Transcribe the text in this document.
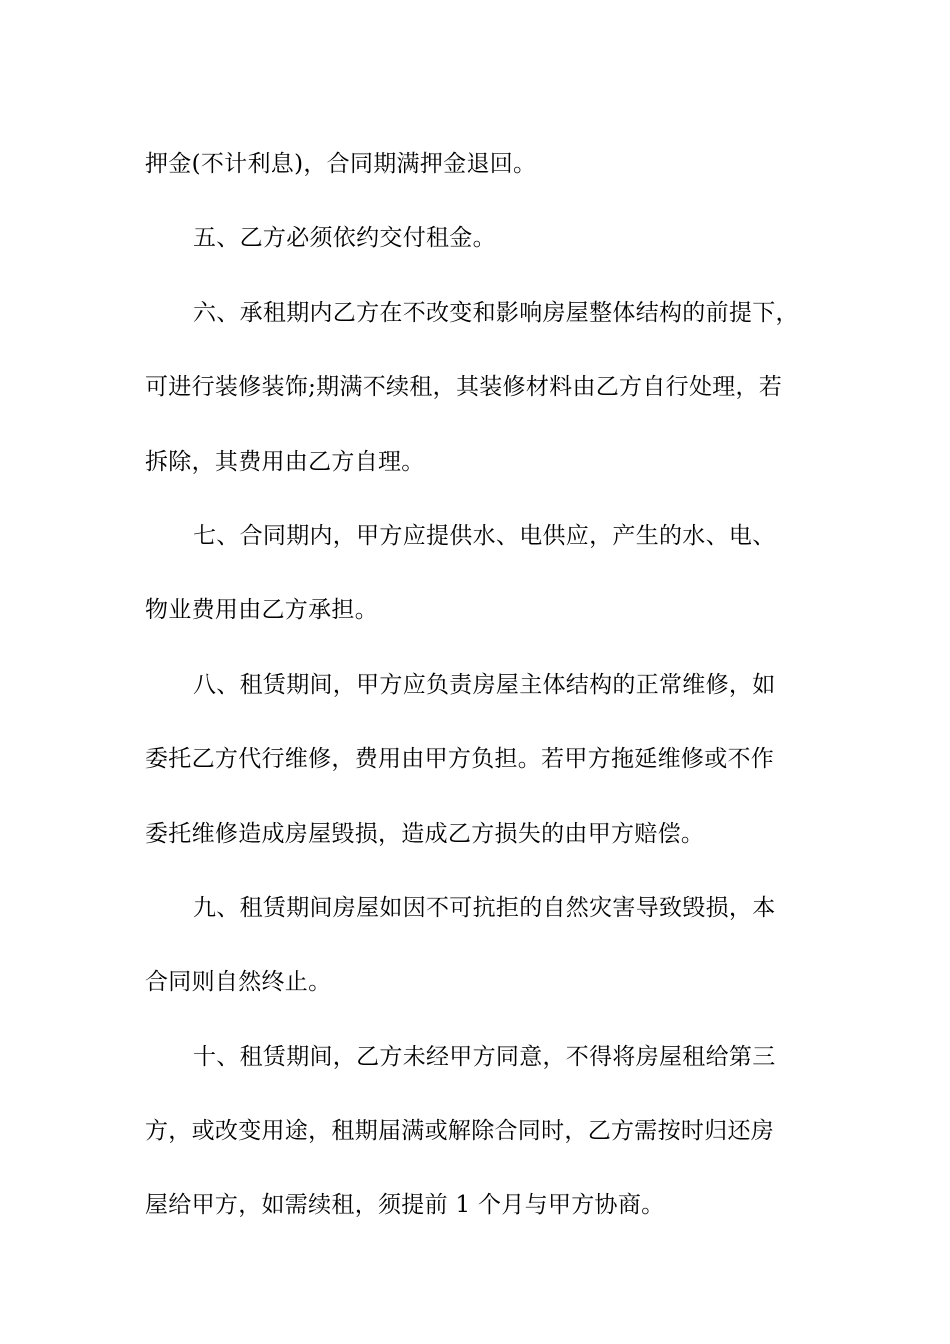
押金(不计利息)，合同期满押金退回。
五、乙方必须依约交付租金。
六、承租期内乙方在不改变和影响房屋整体结构的前提下，
可进行装修装饰;期满不续租，其装修材料由乙方自行处理，若
拆除，其费用由乙方自理。
七、合同期内，甲方应提供水、电供应，产生的水、电、
物业费用由乙方承担。
八、租赁期间，甲方应负责房屋主体结构的正常维修，如
委托乙方代行维修，费用由甲方负担。若甲方拖延维修或不作
委托维修造成房屋毁损，造成乙方损失的由甲方赔偿。
九、租赁期间房屋如因不可抗拒的自然灾害导致毁损，本
合同则自然终止。
十、租赁期间，乙方未经甲方同意，不得将房屋租给第三
方，或改变用途，租期届满或解除合同时，乙方需按时归还房
屋给甲方，如需续租，须提前 1 个月与甲方协商。
